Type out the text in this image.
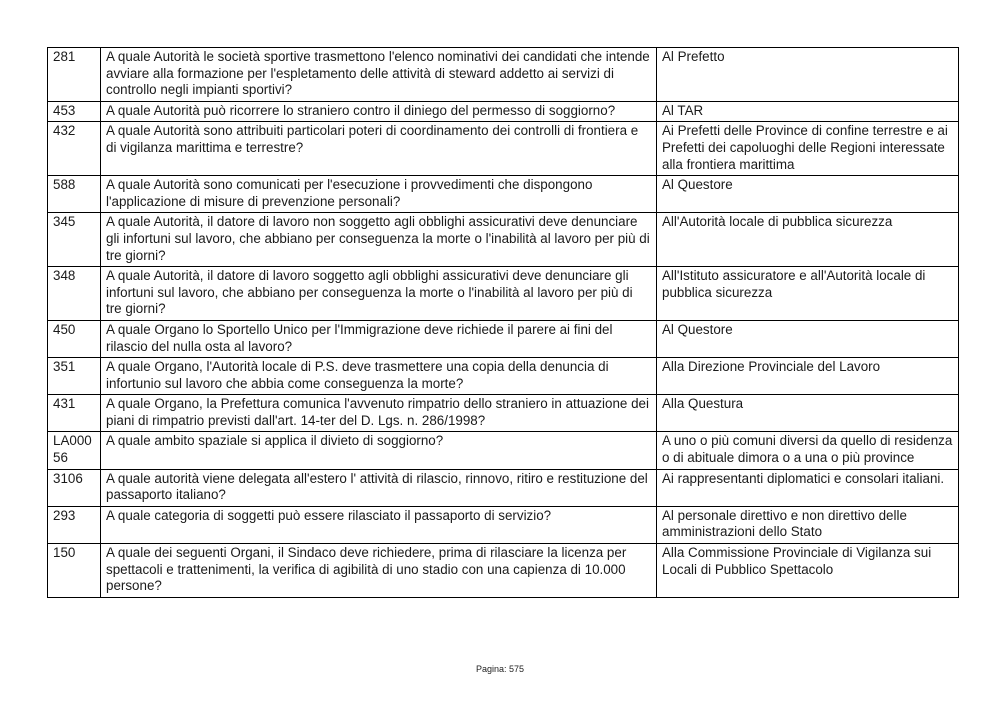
281	A quale Autorità le società sportive trasmettono l'elenco nominativi dei candidati che intende avviare alla formazione per l'espletamento delle attività di steward addetto ai servizi di controllo negli impianti sportivi?	Al Prefetto
453	A quale Autorità può ricorrere lo straniero contro il diniego del permesso di soggiorno?	Al TAR
432	A quale Autorità sono attribuiti particolari poteri di coordinamento dei controlli di frontiera e di vigilanza marittima e terrestre?	Ai Prefetti delle Province di confine terrestre e ai Prefetti dei capoluoghi delle Regioni interessate alla frontiera marittima
588	A quale Autorità sono comunicati per l'esecuzione i provvedimenti che dispongono l'applicazione di misure di prevenzione personali?	Al Questore
345	A quale Autorità, il datore di lavoro non soggetto agli obblighi assicurativi deve denunciare gli infortuni sul lavoro, che abbiano per conseguenza la morte o l'inabilità al lavoro per più di tre giorni?	All'Autorità locale di pubblica sicurezza
348	A quale Autorità, il datore di lavoro soggetto agli obblighi assicurativi deve denunciare gli infortuni sul lavoro, che abbiano per conseguenza la morte o l'inabilità al lavoro per più di tre giorni?	All'Istituto assicuratore e all'Autorità locale di pubblica sicurezza
450	A quale Organo lo Sportello Unico per l'Immigrazione deve richiede il parere ai fini del rilascio del nulla osta al lavoro?	Al Questore
351	A quale Organo, l'Autorità locale di P.S. deve trasmettere una copia della denuncia di infortunio sul lavoro che abbia come conseguenza la morte?	Alla Direzione Provinciale del Lavoro
431	A quale Organo, la Prefettura comunica l'avvenuto rimpatrio dello straniero in attuazione dei piani di rimpatrio previsti dall'art. 14-ter del D. Lgs. n. 286/1998?	Alla Questura
LA00056	A quale ambito spaziale si applica il divieto di soggiorno?	A uno o più comuni diversi da quello di residenza o di abituale dimora o a una o più province
3106	A quale autorità viene delegata all'estero l' attività di rilascio, rinnovo, ritiro e restituzione del passaporto italiano?	Ai rappresentanti diplomatici e consolari italiani.
293	A quale categoria di soggetti può essere rilasciato il passaporto di servizio?	Al personale direttivo e non direttivo delle amministrazioni dello Stato
150	A quale dei seguenti Organi, il Sindaco deve richiedere, prima di rilasciare la licenza per spettacoli e trattenimenti, la verifica di agibilità di uno stadio con una capienza di 10.000 persone?	Alla Commissione Provinciale di Vigilanza sui Locali di Pubblico Spettacolo
Pagina: 575
